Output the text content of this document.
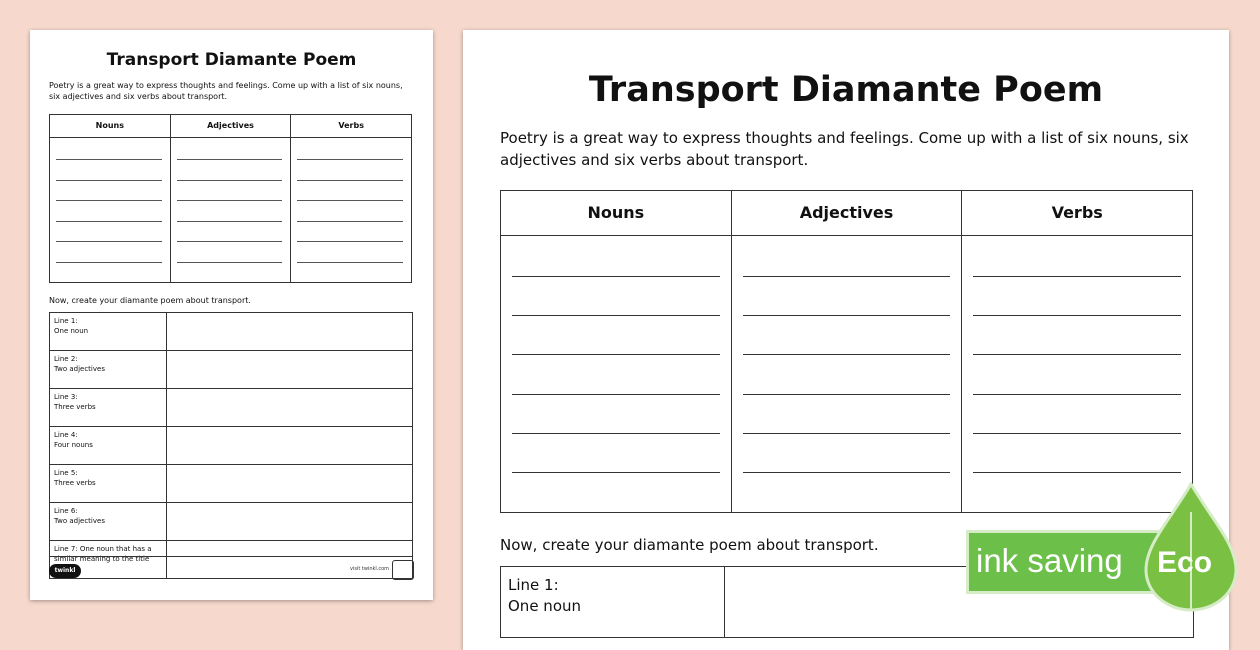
Transport Diamante Poem
Poetry is a great way to express thoughts and feelings. Come up with a list of six nouns, six adjectives and six verbs about transport.
Nouns	Adjectives	Verbs
Now, create your diamante poem about transport.
Line 1:
One noun	

Line 2:
Two adjectives	

Line 3:
Three verbs	

Line 4:
Four nouns	

Line 5:
Three verbs	

Line 6:
Two adjectives	

Line 7: One noun that has a similar meaning to the title	
twinkl	visit twinkl.com
Transport Diamante Poem
Poetry is a great way to express thoughts and feelings. Come up with a list of six nouns, six adjectives and six verbs about transport.
Nouns	Adjectives	Verbs
Now, create your diamante poem about transport.
Line 1:
One noun

ink saving Eco
